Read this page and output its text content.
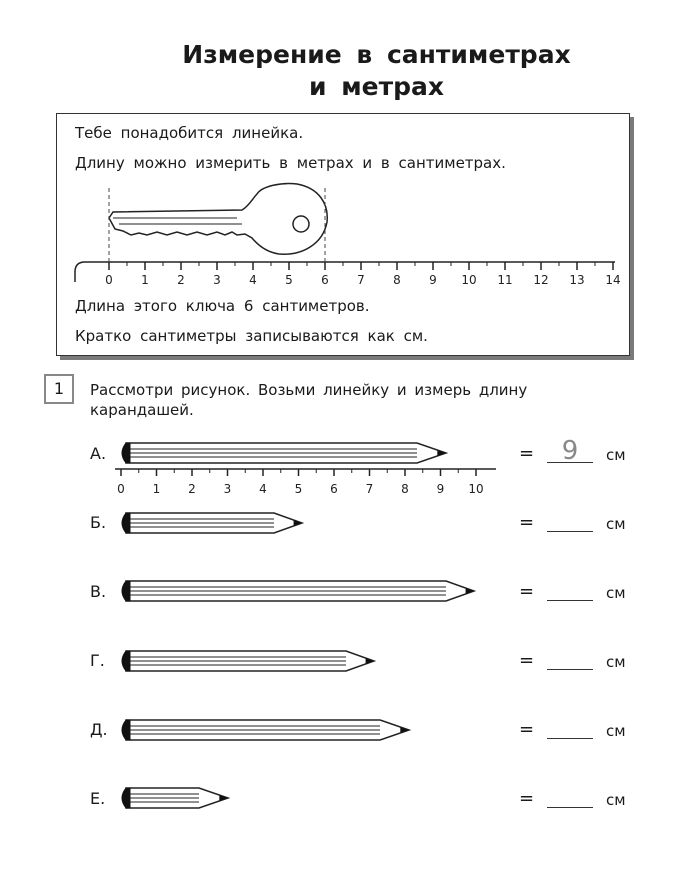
Измерение в сантиметрах
и метрах
Тебе понадобится линейка.
Длину можно измерить в метрах и в сантиметрах.
0 1 2 3 4 5 6 7 8 9 10 11 12 13 14
Длина этого ключа 6 сантиметров.
Кратко сантиметры записываются как см.
1	Рассмотри рисунок. Возьми линейку и измерь длину карандашей.
0 1 2 3 4 5 6 7 8 9 10
А.	=	9	см
Б.	=	см
В.	=	см
Г.	=	см
Д.	=	см
Е.	=	см
